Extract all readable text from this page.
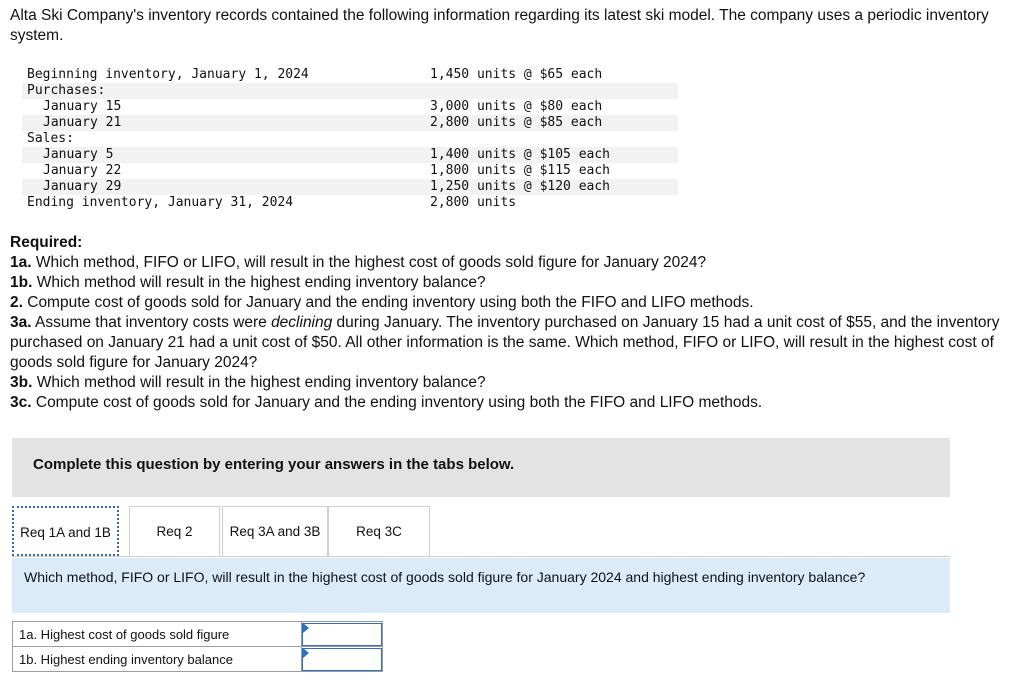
Alta Ski Company's inventory records contained the following information regarding its latest ski model. The company uses a periodic inventory system.

Beginning inventory, January 1, 2024

	1,450 units @ $65 each

Purchases:

January 15

	3,000 units @ $80 each

January 21

	2,800 units @ $85 each

Sales:

January 5

	1,400 units @ $105 each

January 22

	1,800 units @ $115 each

January 29

	1,250 units @ $120 each

Ending inventory, January 31, 2024

	2,800 units

Required:
1a. Which method, FIFO or LIFO, will result in the highest cost of goods sold figure for January 2024?
1b. Which method will result in the highest ending inventory balance?
2. Compute cost of goods sold for January and the ending inventory using both the FIFO and LIFO methods.
3a. Assume that inventory costs were declining during January. The inventory purchased on January 15 had a unit cost of $55, and the inventory purchased on January 21 had a unit cost of $50. All other information is the same. Which method, FIFO or LIFO, will result in the highest cost of goods sold figure for January 2024?
3b. Which method will result in the highest ending inventory balance?
3c. Compute cost of goods sold for January and the ending inventory using both the FIFO and LIFO methods.
Complete this question by entering your answers in the tabs below.
Req 1A and 1B	Req 2	Req 3A and 3B	Req 3C
Which method, FIFO or LIFO, will result in the highest cost of goods sold figure for January 2024 and highest ending inventory balance?
1a. Highest cost of goods sold figure	

1b. Highest ending inventory balance	
